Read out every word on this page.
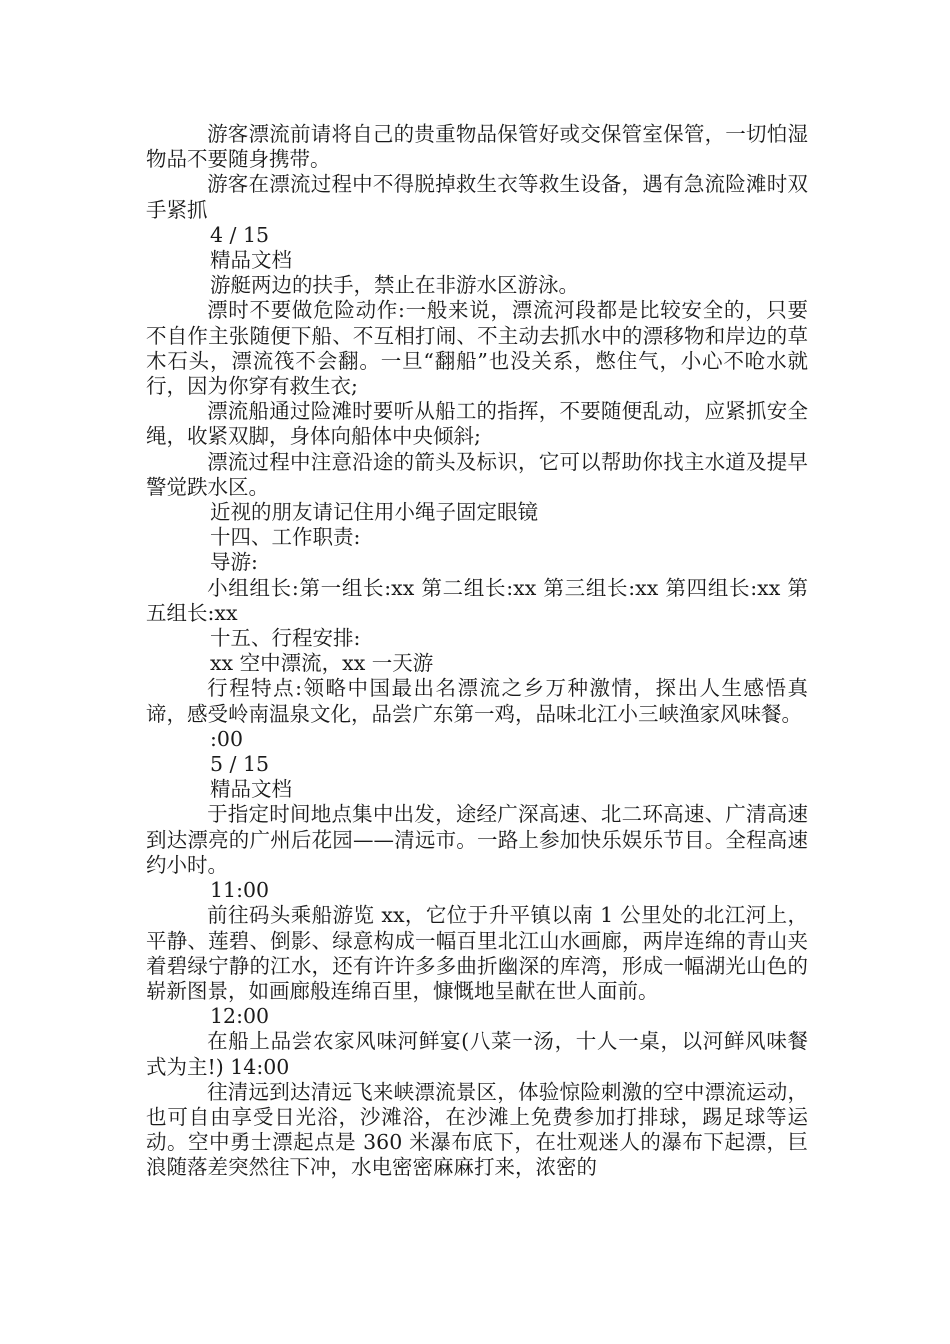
游客漂流前请将自己的贵重物品保管好或交保管室保管，一切怕湿物品不要随身携带。

游客在漂流过程中不得脱掉救生衣等救生设备，遇有急流险滩时双手紧抓

4 / 15

精品文档

游艇两边的扶手，禁止在非游水区游泳。

漂时不要做危险动作:一般来说，漂流河段都是比较安全的，只要不自作主张随便下船、不互相打闹、不主动去抓水中的漂移物和岸边的草木石头，漂流筏不会翻。一旦“翻船”也没关系，憋住气，小心不呛水就行，因为你穿有救生衣;

漂流船通过险滩时要听从船工的指挥，不要随便乱动，应紧抓安全绳，收紧双脚，身体向船体中央倾斜;

漂流过程中注意沿途的箭头及标识，它可以帮助你找主水道及提早警觉跌水区。

近视的朋友请记住用小绳子固定眼镜

十四、工作职责:

导游:

小组组长:第一组长:xx 第二组长:xx 第三组长:xx 第四组长:xx 第五组长:xx

十五、行程安排:

xx 空中漂流，xx 一天游

行程特点:领略中国最出名漂流之乡万种激情，探出人生感悟真谛，感受岭南温泉文化，品尝广东第一鸡，品味北江小三峡渔家风味餐。

:00

5 / 15

精品文档

于指定时间地点集中出发，途经广深高速、北二环高速、广清高速到达漂亮的广州后花园——清远市。一路上参加快乐娱乐节目。全程高速约小时。

11:00

前往码头乘船游览 xx，它位于升平镇以南 1 公里处的北江河上，平静、莲碧、倒影、绿意构成一幅百里北江山水画廊，两岸连绵的青山夹着碧绿宁静的江水，还有许许多多曲折幽深的库湾，形成一幅湖光山色的崭新图景，如画廊般连绵百里，慷慨地呈献在世人面前。

12:00

在船上品尝农家风味河鲜宴(八菜一汤，十人一桌，以河鲜风味餐式为主!) 14:00

往清远到达清远飞来峡漂流景区，体验惊险刺激的空中漂流运动，也可自由享受日光浴，沙滩浴，在沙滩上免费参加打排球，踢足球等运动。空中勇士漂起点是 360 米瀑布底下，在壮观迷人的瀑布下起漂，巨浪随落差突然往下冲，水电密密麻麻打来，浓密的
